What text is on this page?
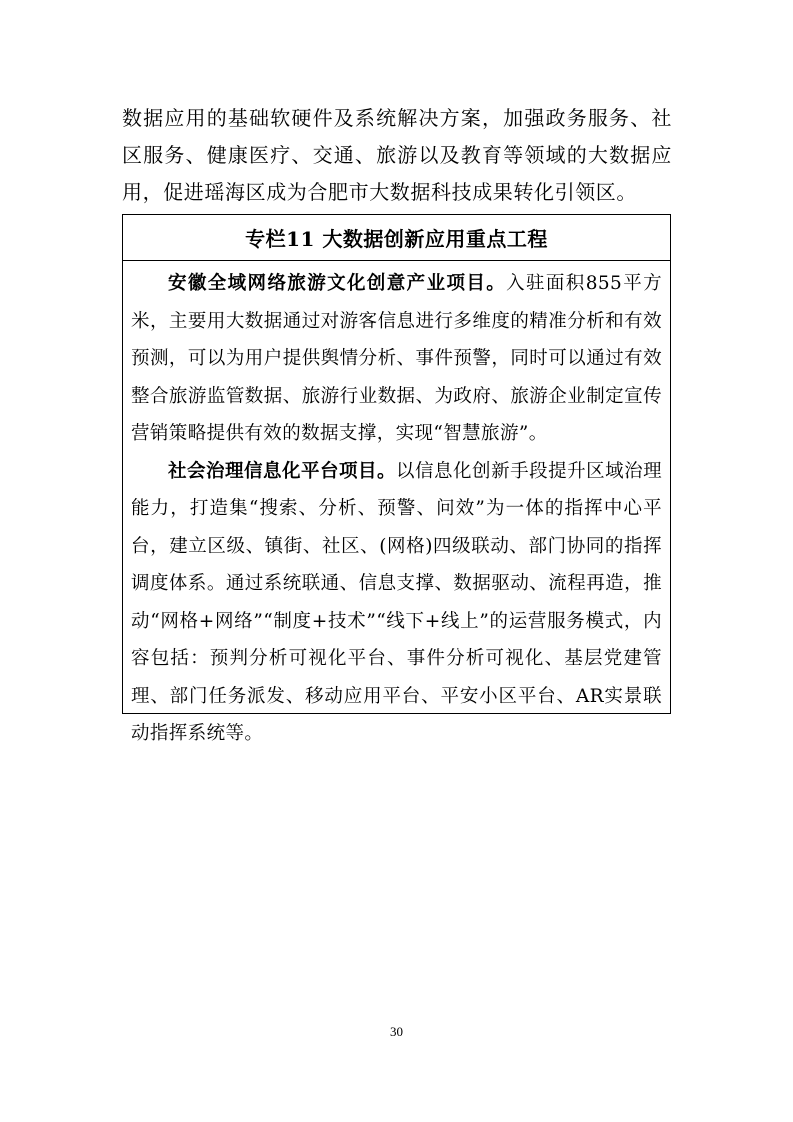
数据应用的基础软硬件及系统解决方案，加强政务服务、社区服务、健康医疗、交通、旅游以及教育等领域的大数据应用，促进瑶海区成为合肥市大数据科技成果转化引领区。

专栏11 大数据创新应用重点工程

安徽全域网络旅游文化创意产业项目。入驻面积855平方米，主要用大数据通过对游客信息进行多维度的精准分析和有效预测，可以为用户提供舆情分析、事件预警，同时可以通过有效整合旅游监管数据、旅游行业数据、为政府、旅游企业制定宣传营销策略提供有效的数据支撑，实现“智慧旅游”。

社会治理信息化平台项目。以信息化创新手段提升区域治理能力，打造集“搜索、分析、预警、问效”为一体的指挥中心平台，建立区级、镇街、社区、(网格)四级联动、部门协同的指挥调度体系。通过系统联通、信息支撑、数据驱动、流程再造，推动“网格+网络”“制度+技术”“线下+线上”的运营服务模式，内容包括：预判分析可视化平台、事件分析可视化、基层党建管理、部门任务派发、移动应用平台、平安小区平台、AR实景联动指挥系统等。

30
